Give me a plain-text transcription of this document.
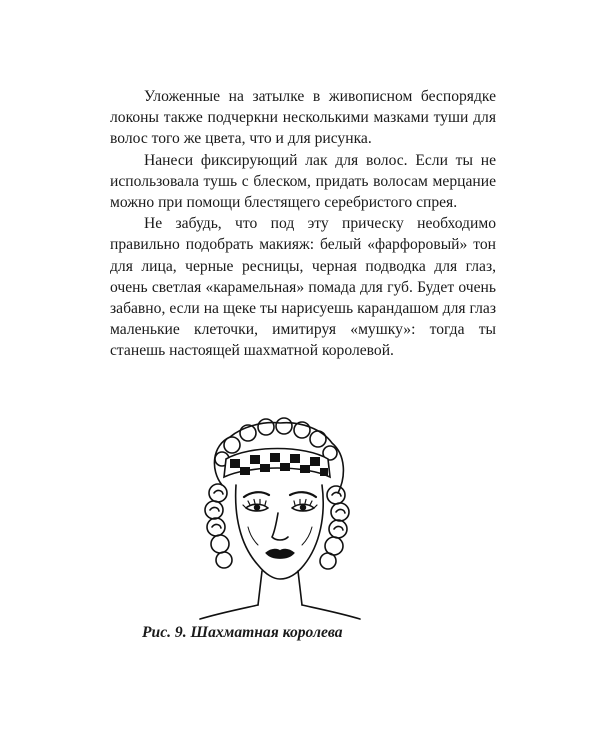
Уложенные на затылке в живописном беспорядке локоны также подчеркни несколькими мазками туши для волос того же цвета, что и для рисунка.

Нанеси фиксирующий лак для волос. Если ты не использовала тушь с блеском, придать волосам мерцание можно при помощи блестящего серебристого спрея.

Не забудь, что под эту прическу необходимо правильно подобрать макияж: белый «фарфоровый» тон для лица, черные ресницы, черная подводка для глаз, очень светлая «карамельная» помада для губ. Будет очень забавно, если на щеке ты нарисуешь карандашом для глаз маленькие клеточки, имитируя «мушку»: тогда ты станешь настоящей шахматной королевой.

Рис. 9. Шахматная королева
